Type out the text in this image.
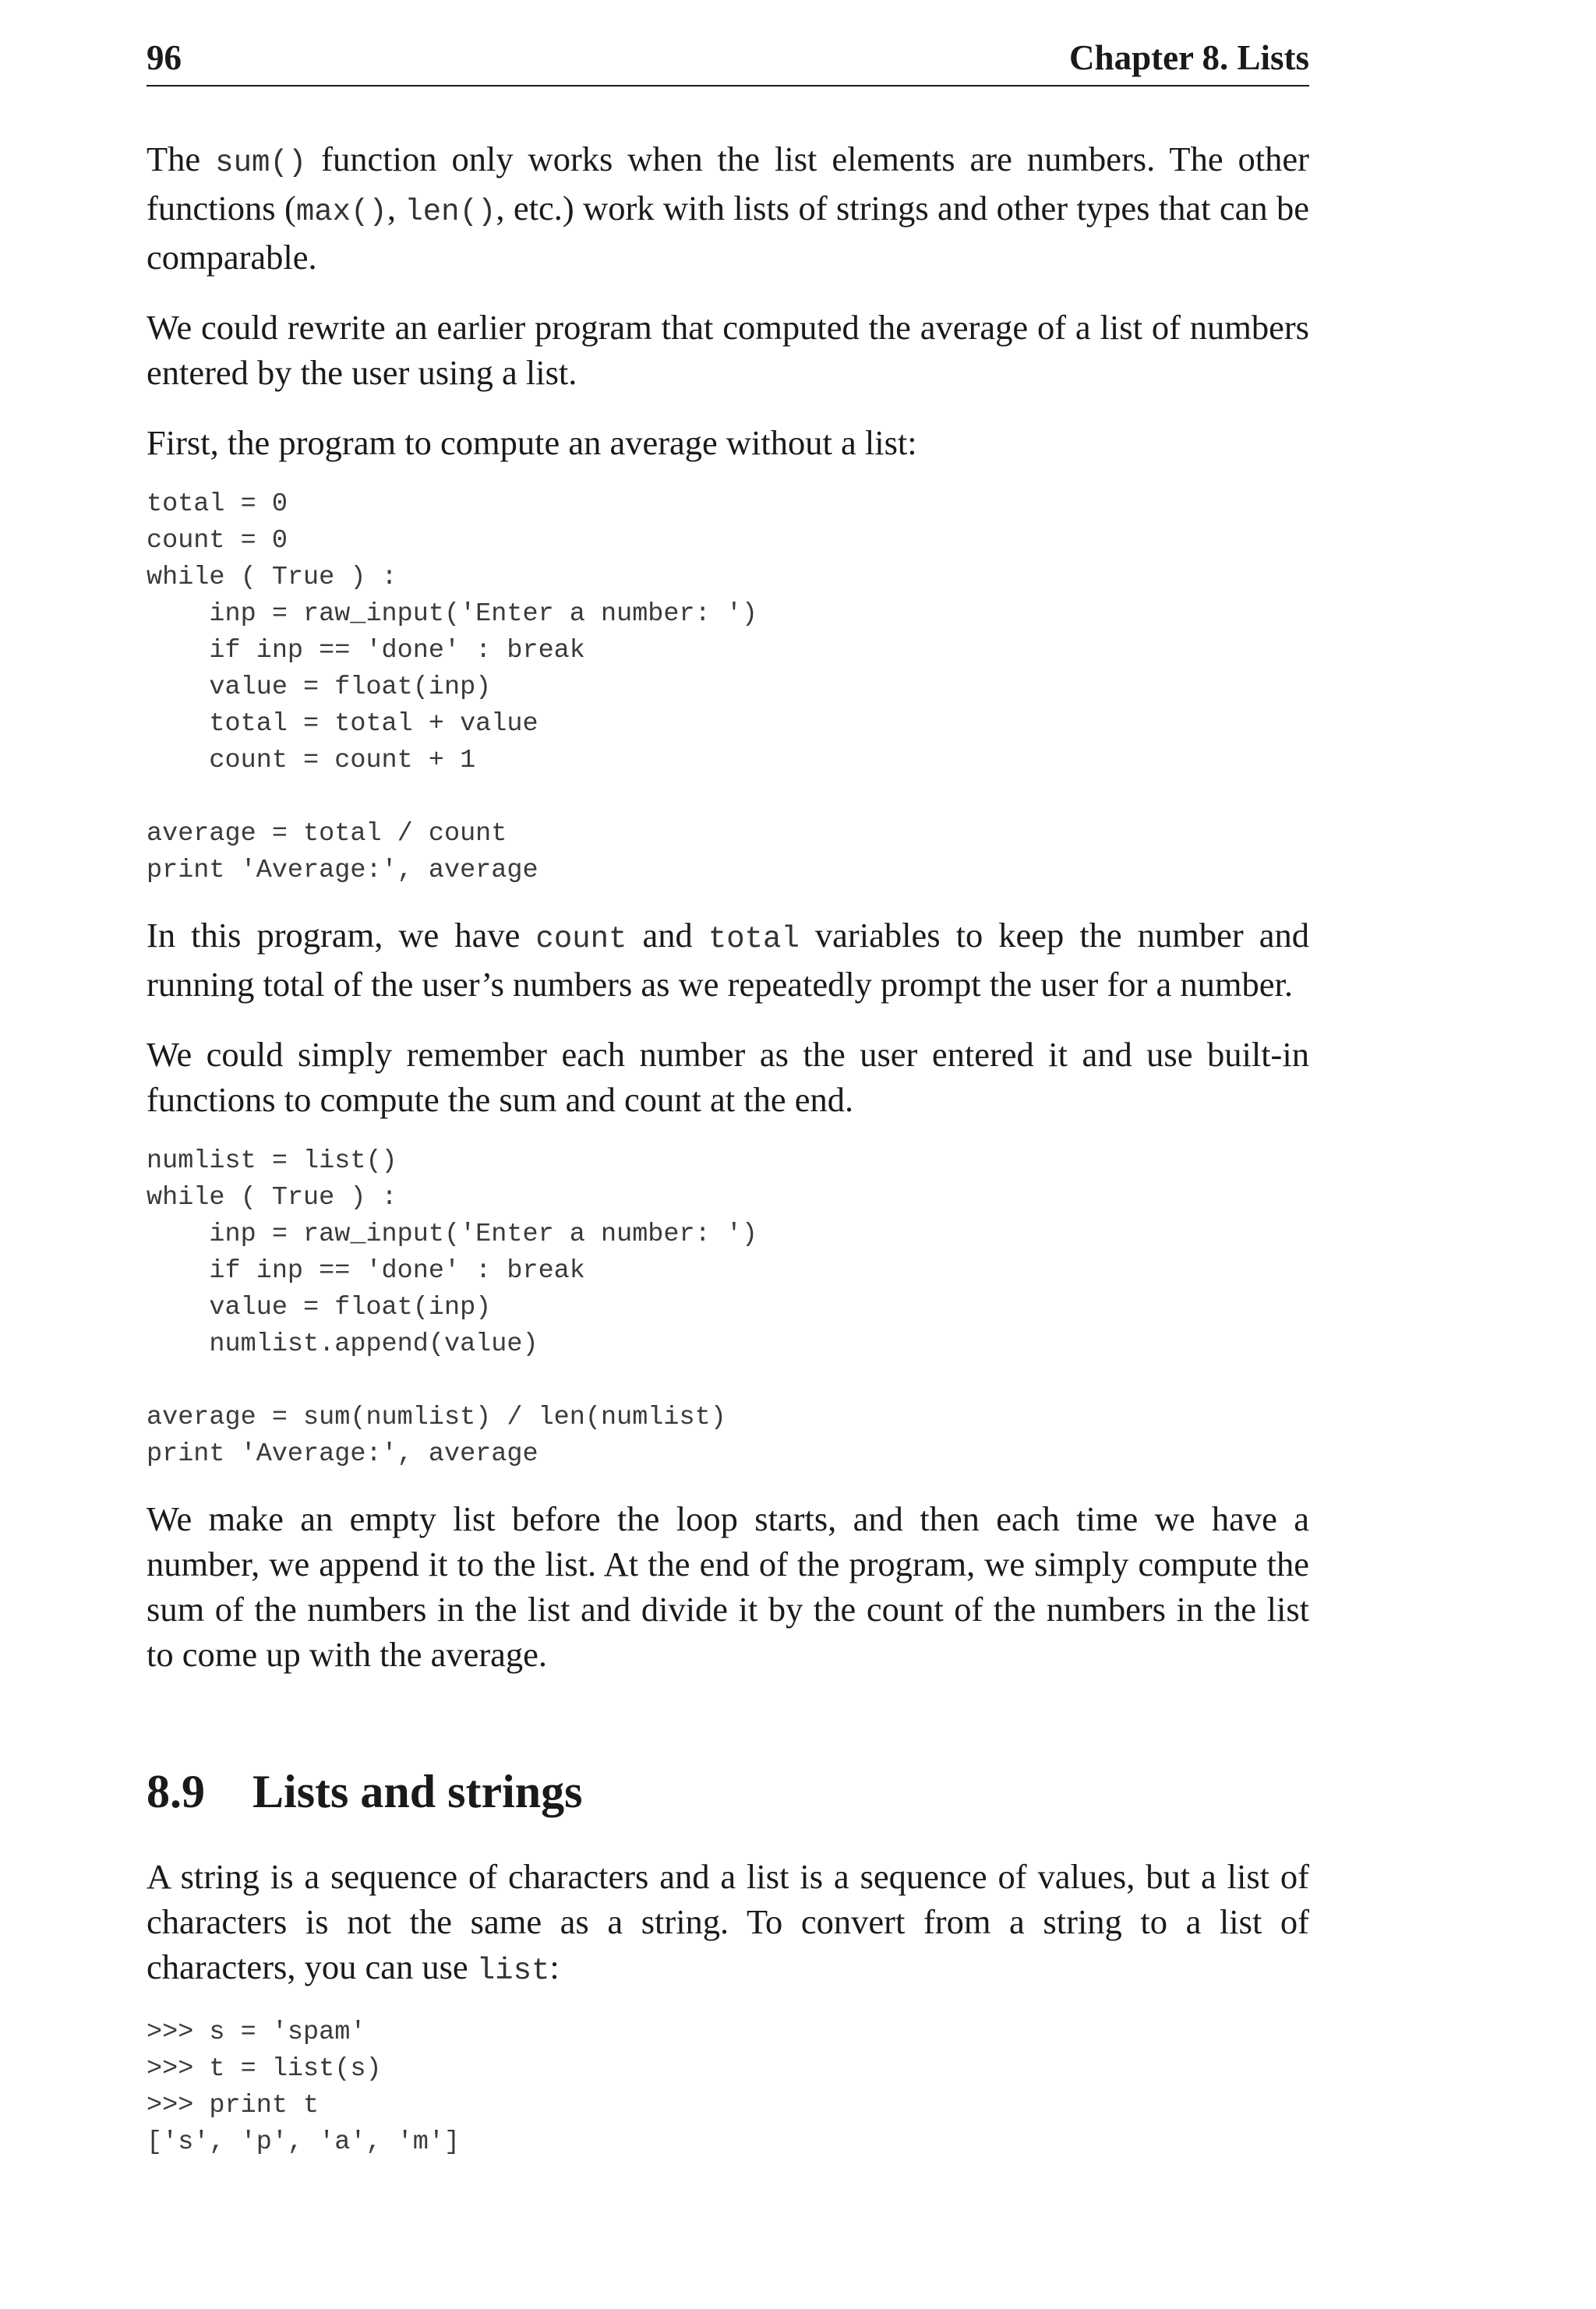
96	Chapter 8. Lists

The sum() function only works when the list elements are numbers. The other functions (max(), len(), etc.) work with lists of strings and other types that can be comparable.

We could rewrite an earlier program that computed the average of a list of numbers entered by the user using a list.

First, the program to compute an average without a list:

total = 0
count = 0
while ( True ) :
inp = raw_input('Enter a number: ')
if inp == 'done' : break
value = float(inp)
total = total + value
count = count + 1

average = total / count
print 'Average:', average

In this program, we have count and total variables to keep the number and running total of the user’s numbers as we repeatedly prompt the user for a number.

We could simply remember each number as the user entered it and use built-in functions to compute the sum and count at the end.

numlist = list()
while ( True ) :
inp = raw_input('Enter a number: ')
if inp == 'done' : break
value = float(inp)
numlist.append(value)

average = sum(numlist) / len(numlist)
print 'Average:', average

We make an empty list before the loop starts, and then each time we have a number, we append it to the list. At the end of the program, we simply compute the sum of the numbers in the list and divide it by the count of the numbers in the list to come up with the average.

8.9	Lists and strings

A string is a sequence of characters and a list is a sequence of values, but a list of characters is not the same as a string. To convert from a string to a list of characters, you can use list:

>>> s = 'spam'
>>> t = list(s)
>>> print t
['s', 'p', 'a', 'm']
